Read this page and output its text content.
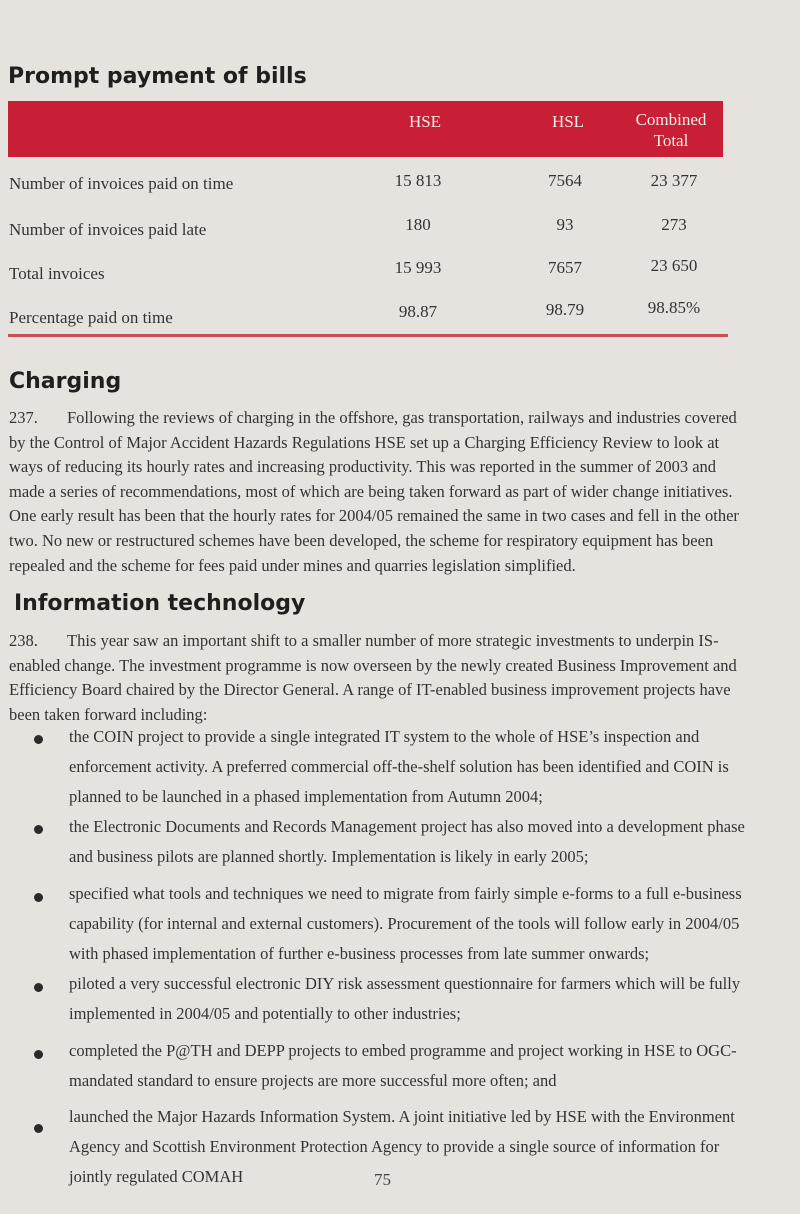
Prompt payment of bills
HSE	HSL	Combined Total
Number of invoices paid on time	15 813	7564	23 377
Number of invoices paid late	180	93	273
Total invoices	15 993	7657	23 650
Percentage paid on time	98.87	98.79	98.85%
Charging

237. Following the reviews of charging in the offshore, gas transportation, railways and industries covered by the Control of Major Accident Hazards Regulations HSE set up a Charging Efficiency Review to look at ways of reducing its hourly rates and increasing productivity. This was reported in the summer of 2003 and made a series of recommendations, most of which are being taken forward as part of wider change initiatives. One early result has been that the hourly rates for 2004/05 remained the same in two cases and fell in the other two. No new or restructured schemes have been developed, the scheme for respiratory equipment has been repealed and the scheme for fees paid under mines and quarries legislation simplified.

Information technology

238. This year saw an important shift to a smaller number of more strategic investments to underpin IS-enabled change. The investment programme is now overseen by the newly created Business Improvement and Efficiency Board chaired by the Director General. A range of IT-enabled business improvement projects have been taken forward including:

the COIN project to provide a single integrated IT system to the whole of HSE’s inspection and enforcement activity. A preferred commercial off-the-shelf solution has been identified and COIN is planned to be launched in a phased implementation from Autumn 2004;

the Electronic Documents and Records Management project has also moved into a development phase and business pilots are planned shortly. Implementation is likely in early 2005;

specified what tools and techniques we need to migrate from fairly simple e-forms to a full e-business capability (for internal and external customers). Procurement of the tools will follow early in 2004/05 with phased implementation of further e-business processes from late summer onwards;

piloted a very successful electronic DIY risk assessment questionnaire for farmers which will be fully implemented in 2004/05 and potentially to other industries;

completed the P@TH and DEPP projects to embed programme and project working in HSE to OGC-mandated standard to ensure projects are more successful more often; and

launched the Major Hazards Information System. A joint initiative led by HSE with the Environment Agency and Scottish Environment Protection Agency to provide a single source of information for jointly regulated COMAH	75
